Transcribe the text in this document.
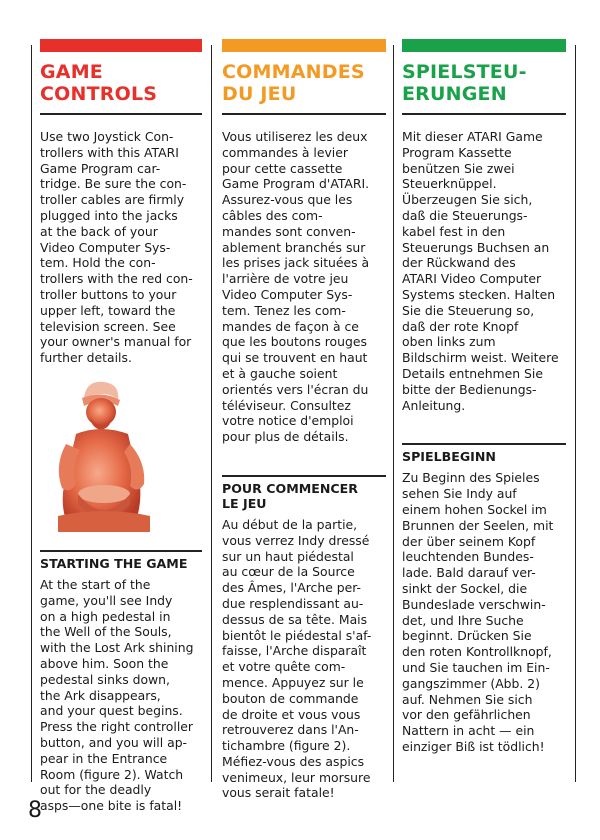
GAME
CONTROLS
Use two Joystick Con-
trollers with this ATARI
Game Program car-
tridge. Be sure the con-
troller cables are firmly
plugged into the jacks
at the back of your
Video Computer Sys-
tem. Hold the con-
trollers with the red con-
troller buttons to your
upper left, toward the
television screen. See
your owner's manual for
further details.
STARTING THE GAME
At the start of the
game, you'll see Indy
on a high pedestal in
the Well of the Souls,
with the Lost Ark shining
above him. Soon the
pedestal sinks down,
the Ark disappears,
and your quest begins.
Press the right controller
button, and you will ap-
pear in the Entrance
Room (figure 2). Watch
out for the deadly
asps—one bite is fatal!
COMMANDES
DU JEU
Vous utiliserez les deux
commandes à levier
pour cette cassette
Game Program d'ATARI.
Assurez-vous que les
câbles des com-
mandes sont conven-
ablement branchés sur
les prises jack situées à
l'arrière de votre jeu
Video Computer Sys-
tem. Tenez les com-
mandes de façon à ce
que les boutons rouges
qui se trouvent en haut
et à gauche soient
orientés vers l'écran du
téléviseur. Consultez
votre notice d'emploi
pour plus de détails.
POUR COMMENCER
LE JEU
Au début de la partie,
vous verrez Indy dressé
sur un haut piédestal
au cœur de la Source
des Âmes, l'Arche per-
due resplendissant au-
dessus de sa tête. Mais
bientôt le piédestal s'af-
faisse, l'Arche disparaît
et votre quête com-
mence. Appuyez sur le
bouton de commande
de droite et vous vous
retrouverez dans l'An-
tichambre (figure 2).
Méfiez-vous des aspics
venimeux, leur morsure
vous serait fatale!
SPIELSTEU-
ERUNGEN
Mit dieser ATARI Game
Program Kassette
benützen Sie zwei
Steuerknüppel.
Überzeugen Sie sich,
daß die Steuerungs-
kabel fest in den
Steuerungs Buchsen an
der Rückwand des
ATARI Video Computer
Systems stecken. Halten
Sie die Steuerung so,
daß der rote Knopf
oben links zum
Bildschirm weist. Weitere
Details entnehmen Sie
bitte der Bedienungs-
Anleitung.
SPIELBEGINN
Zu Beginn des Spieles
sehen Sie Indy auf
einem hohen Sockel im
Brunnen der Seelen, mit
der über seinem Kopf
leuchtenden Bundes-
lade. Bald darauf ver-
sinkt der Sockel, die
Bundeslade verschwin-
det, und Ihre Suche
beginnt. Drücken Sie
den roten Kontrollknopf,
und Sie tauchen im Ein-
gangszimmer (Abb. 2)
auf. Nehmen Sie sich
vor den gefährlichen
Nattern in acht — ein
einziger Biß ist tödlich!
8
